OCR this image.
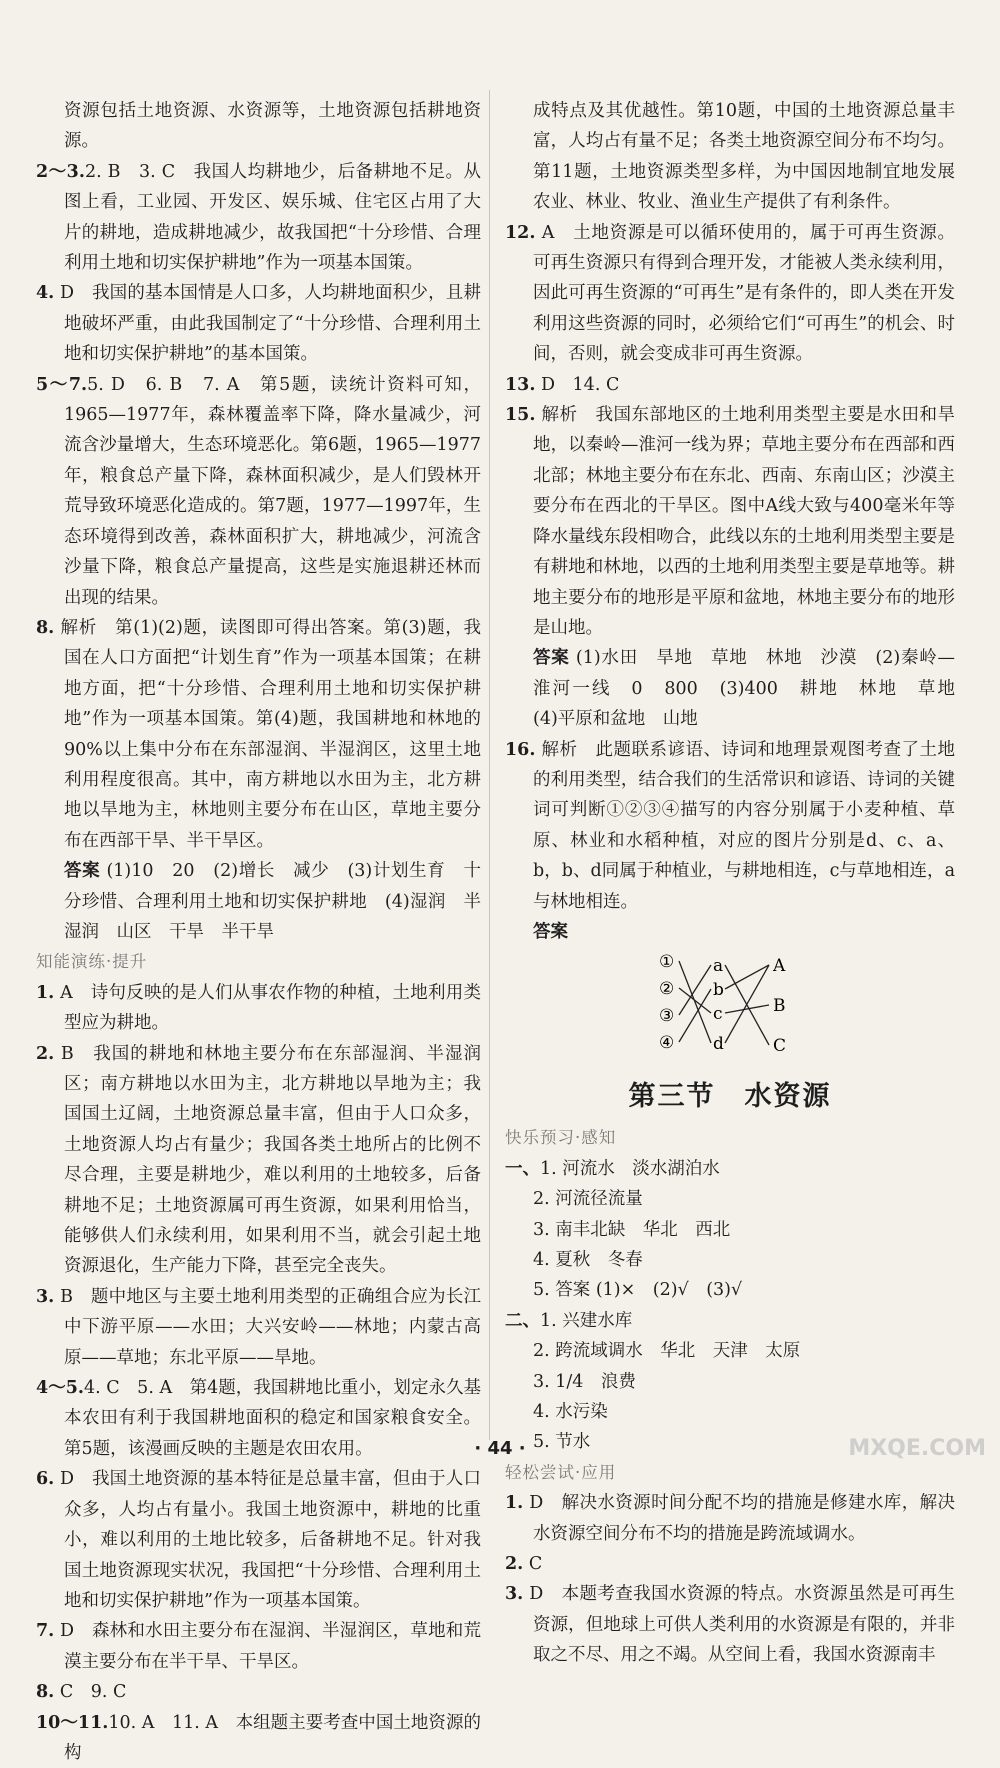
资源包括土地资源、水资源等，土地资源包括耕地资源。

2～3.2. B　3. C　我国人均耕地少，后备耕地不足。从图上看，工业园、开发区、娱乐城、住宅区占用了大片的耕地，造成耕地减少，故我国把“十分珍惜、合理利用土地和切实保护耕地”作为一项基本国策。

4. D　我国的基本国情是人口多，人均耕地面积少，且耕地破坏严重，由此我国制定了“十分珍惜、合理利用土地和切实保护耕地”的基本国策。

5～7.5. D　6. B　7. A　第5题，读统计资料可知，1965—1977年，森林覆盖率下降，降水量减少，河流含沙量增大，生态环境恶化。第6题，1965—1977年，粮食总产量下降，森林面积减少，是人们毁林开荒导致环境恶化造成的。第7题，1977—1997年，生态环境得到改善，森林面积扩大，耕地减少，河流含沙量下降，粮食总产量提高，这些是实施退耕还林而出现的结果。

8. 解析　第(1)(2)题，读图即可得出答案。第(3)题，我国在人口方面把“计划生育”作为一项基本国策；在耕地方面，把“十分珍惜、合理利用土地和切实保护耕地”作为一项基本国策。第(4)题，我国耕地和林地的90%以上集中分布在东部湿润、半湿润区，这里土地利用程度很高。其中，南方耕地以水田为主，北方耕地以旱地为主，林地则主要分布在山区，草地主要分布在西部干旱、半干旱区。

答案 (1)10　20　(2)增长　减少　(3)计划生育　十分珍惜、合理利用土地和切实保护耕地　(4)湿润　半湿润　山区　干旱　半干旱

知能演练·提升

1. A　诗句反映的是人们从事农作物的种植，土地利用类型应为耕地。

2. B　我国的耕地和林地主要分布在东部湿润、半湿润区；南方耕地以水田为主，北方耕地以旱地为主；我国国土辽阔，土地资源总量丰富，但由于人口众多，土地资源人均占有量少；我国各类土地所占的比例不尽合理，主要是耕地少，难以利用的土地较多，后备耕地不足；土地资源属可再生资源，如果利用恰当，能够供人们永续利用，如果利用不当，就会引起土地资源退化，生产能力下降，甚至完全丧失。

3. B　题中地区与主要土地利用类型的正确组合应为长江中下游平原——水田；大兴安岭——林地；内蒙古高原——草地；东北平原——旱地。

4～5.4. C　5. A　第4题，我国耕地比重小，划定永久基本农田有利于我国耕地面积的稳定和国家粮食安全。第5题，该漫画反映的主题是农田农用。

6. D　我国土地资源的基本特征是总量丰富，但由于人口众多，人均占有量小。我国土地资源中，耕地的比重小，难以利用的土地比较多，后备耕地不足。针对我国土地资源现实状况，我国把“十分珍惜、合理利用土地和切实保护耕地”作为一项基本国策。

7. D　森林和水田主要分布在湿润、半湿润区，草地和荒漠主要分布在半干旱、干旱区。

8. C　9. C

10～11.10. A　11. A　本组题主要考查中国土地资源的构

成特点及其优越性。第10题，中国的土地资源总量丰富，人均占有量不足；各类土地资源空间分布不均匀。第11题，土地资源类型多样，为中国因地制宜地发展农业、林业、牧业、渔业生产提供了有利条件。

12. A　土地资源是可以循环使用的，属于可再生资源。可再生资源只有得到合理开发，才能被人类永续利用，因此可再生资源的“可再生”是有条件的，即人类在开发利用这些资源的同时，必须给它们“可再生”的机会、时间，否则，就会变成非可再生资源。

13. D　14. C

15. 解析　我国东部地区的土地利用类型主要是水田和旱地，以秦岭—淮河一线为界；草地主要分布在西部和西北部；林地主要分布在东北、西南、东南山区；沙漠主要分布在西北的干旱区。图中A线大致与400毫米年等降水量线东段相吻合，此线以东的土地利用类型主要是有耕地和林地，以西的土地利用类型主要是草地等。耕地主要分布的地形是平原和盆地，林地主要分布的地形是山地。

答案 (1)水田　旱地　草地　林地　沙漠　(2)秦岭—淮河一线　0　800　(3)400　耕地　林地　草地　(4)平原和盆地　山地

16. 解析　此题联系谚语、诗词和地理景观图考查了土地的利用类型，结合我们的生活常识和谚语、诗词的关键词可判断①②③④描写的内容分别属于小麦种植、草原、林业和水稻种植，对应的图片分别是d、c、a、b，b、d同属于种植业，与耕地相连，c与草地相连，a与林地相连。

答案

①
②
③
④
a
b
c
d
A
B
C
第三节　水资源

快乐预习·感知

一、1. 河流水　淡水湖泊水

2. 河流径流量

3. 南丰北缺　华北　西北

4. 夏秋　冬春

5. 答案 (1)×　(2)√　(3)√

二、1. 兴建水库

2. 跨流域调水　华北　天津　太原

3. 1/4　浪费

4. 水污染

5. 节水

轻松尝试·应用

1. D　解决水资源时间分配不均的措施是修建水库，解决水资源空间分布不均的措施是跨流域调水。

2. C

3. D　本题考查我国水资源的特点。水资源虽然是可再生资源，但地球上可供人类利用的水资源是有限的，并非取之不尽、用之不竭。从空间上看，我国水资源南丰

· 44 ·	MXQE.COM
